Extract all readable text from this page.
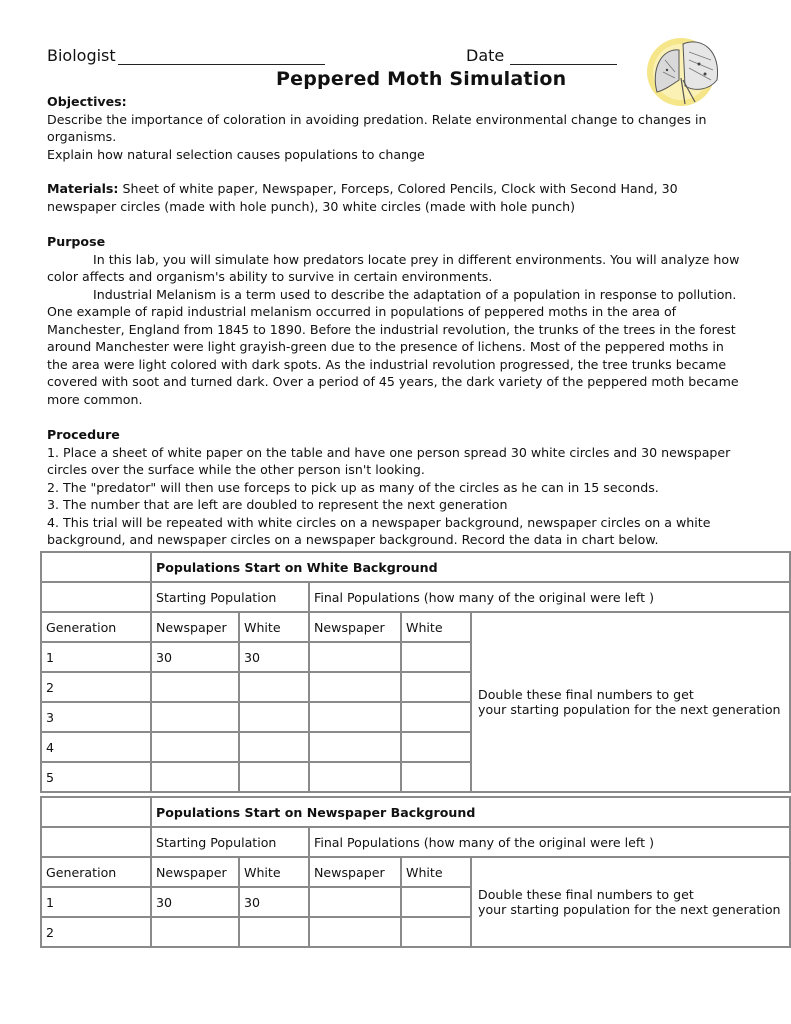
Biologist	Date
Peppered Moth Simulation
Objectives:
Describe the importance of coloration in avoiding predation. Relate environmental change to changes in
organisms.
Explain how natural selection causes populations to change
Materials: Sheet of white paper, Newspaper, Forceps, Colored Pencils, Clock with Second Hand, 30
newspaper circles (made with hole punch), 30 white circles (made with hole punch)
Purpose
In this lab, you will simulate how predators locate prey in different environments. You will analyze how
color affects and organism's ability to survive in certain environments.
Industrial Melanism is a term used to describe the adaptation of a population in response to pollution.
One example of rapid industrial melanism occurred in populations of peppered moths in the area of
Manchester, England from 1845 to 1890. Before the industrial revolution, the trunks of the trees in the forest
around Manchester were light grayish-green due to the presence of lichens. Most of the peppered moths in
the area were light colored with dark spots. As the industrial revolution progressed, the tree trunks became
covered with soot and turned dark. Over a period of 45 years, the dark variety of the peppered moth became
more common.
Procedure
1. Place a sheet of white paper on the table and have one person spread 30 white circles and 30 newspaper
circles over the surface while the other person isn't looking.
2. The "predator" will then use forceps to pick up as many of the circles as he can in 15 seconds.
3. The number that are left are doubled to represent the next generation
4. This trial will be repeated with white circles on a newspaper background, newspaper circles on a white
background, and newspaper circles on a newspaper background. Record the data in chart below.
	Populations Start on White Background				
	Starting Population		Final Populations (how many of the original were left )		
Generation	Newspaper	White	Newspaper	White	Double these final numbers to get
your starting population for the next generation

1	30	30			
2					
3					
4					
5					
	Populations Start on Newspaper Background				
	Starting Population		Final Populations (how many of the original were left )		
Generation	Newspaper	White	Newspaper	White	Double these final numbers to get
your starting population for the next generation

1	30	30			
2					
